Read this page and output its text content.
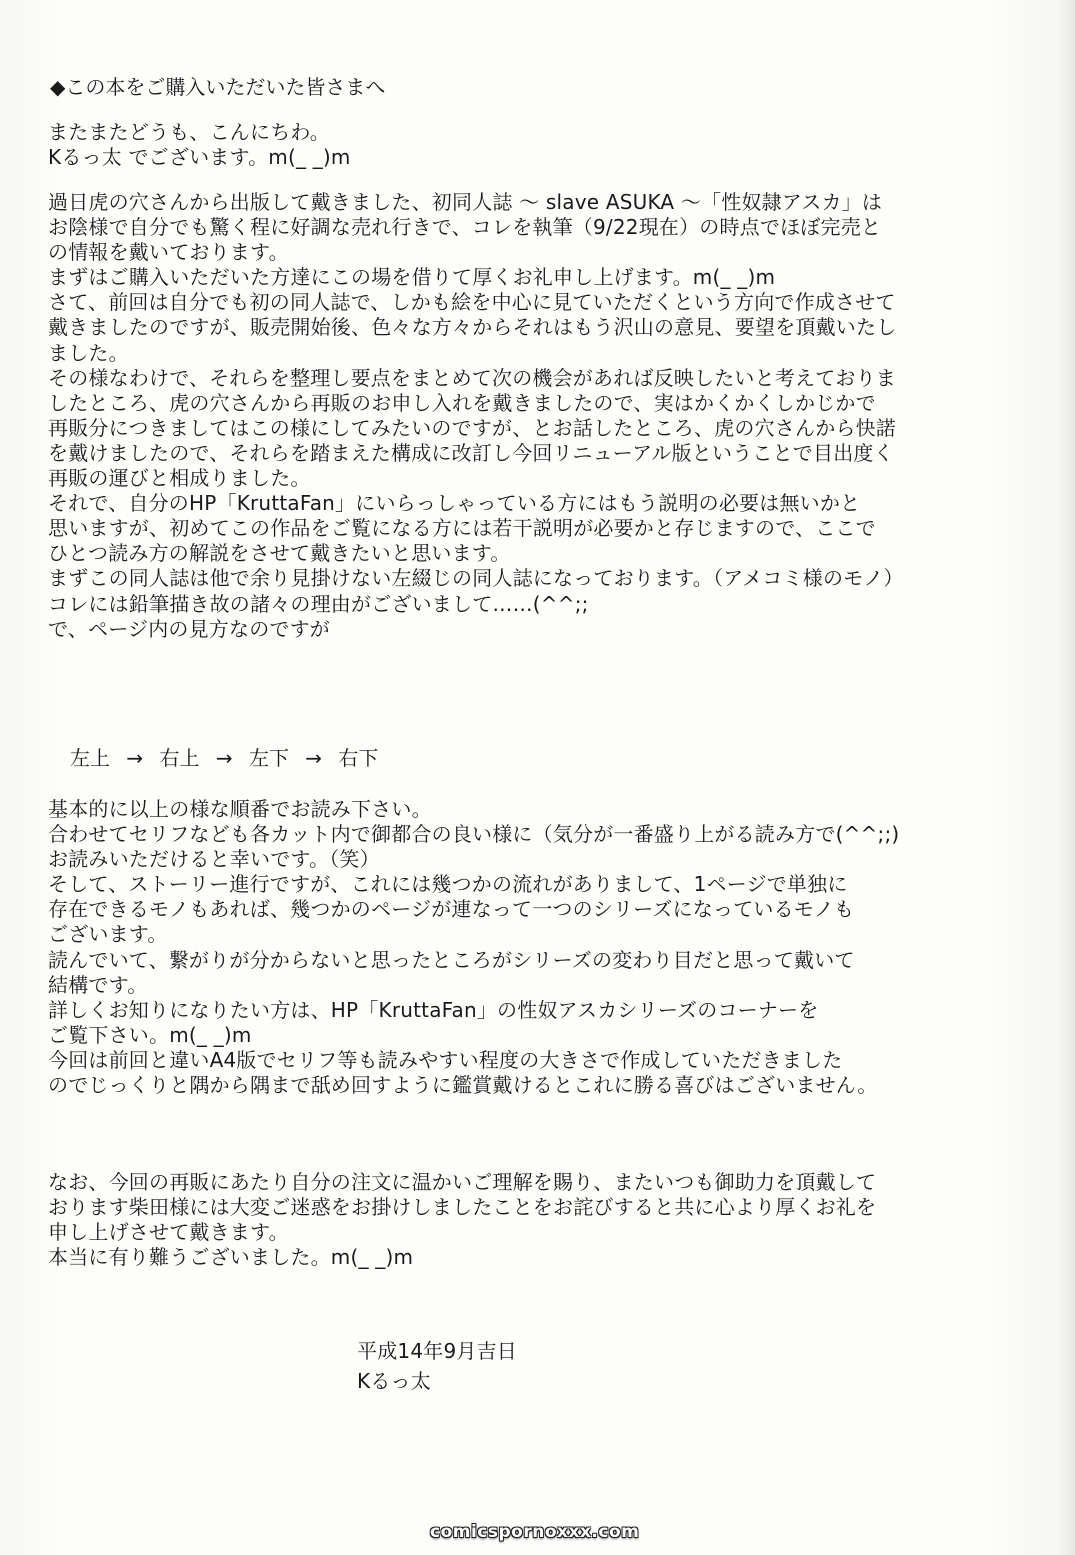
◆この本をご購入いただいた皆さまへ
またまたどうも、こんにちわ。
Kるっ太 でございます。m(_ _)m
過日虎の穴さんから出版して戴きました、初同人誌 ～ slave ASUKA ～「性奴隷アスカ」は
お陰様で自分でも驚く程に好調な売れ行きで、コレを執筆（9/22現在）の時点でほぼ完売と
の情報を戴いております。
まずはご購入いただいた方達にこの場を借りて厚くお礼申し上げます。m(_ _)m
さて、前回は自分でも初の同人誌で、しかも絵を中心に見ていただくという方向で作成させて
戴きましたのですが、販売開始後、色々な方々からそれはもう沢山の意見、要望を頂戴いたし
ました。
その様なわけで、それらを整理し要点をまとめて次の機会があれば反映したいと考えておりま
したところ、虎の穴さんから再販のお申し入れを戴きましたので、実はかくかくしかじかで
再販分につきましてはこの様にしてみたいのですが、とお話したところ、虎の穴さんから快諾
を戴けましたので、それらを踏まえた構成に改訂し今回リニューアル版ということで目出度く
再販の運びと相成りました。
それで、自分のHP「KruttaFan」にいらっしゃっている方にはもう説明の必要は無いかと
思いますが、初めてこの作品をご覧になる方には若干説明が必要かと存じますので、ここで
ひとつ読み方の解説をさせて戴きたいと思います。
まずこの同人誌は他で余り見掛けない左綴じの同人誌になっております。（アメコミ様のモノ）
コレには鉛筆描き故の諸々の理由がございまして……(^^;;
で、ページ内の見方なのですが
左上 → 右上 → 左下 → 右下
基本的に以上の様な順番でお読み下さい。
合わせてセリフなども各カット内で御都合の良い様に（気分が一番盛り上がる読み方で(^^;;)
お読みいただけると幸いです。（笑）
そして、ストーリー進行ですが、これには幾つかの流れがありまして、1ページで単独に
存在できるモノもあれば、幾つかのページが連なって一つのシリーズになっているモノも
ございます。
読んでいて、繋がりが分からないと思ったところがシリーズの変わり目だと思って戴いて
結構です。
詳しくお知りになりたい方は、HP「KruttaFan」の性奴アスカシリーズのコーナーを
ご覧下さい。m(_ _)m
今回は前回と違いA4版でセリフ等も読みやすい程度の大きさで作成していただきました
のでじっくりと隅から隅まで舐め回すように鑑賞戴けるとこれに勝る喜びはございません。
なお、今回の再販にあたり自分の注文に温かいご理解を賜り、またいつも御助力を頂戴して
おります柴田様には大変ご迷惑をお掛けしましたことをお詫びすると共に心より厚くお礼を
申し上げさせて戴きます。
本当に有り難うございました。m(_ _)m
平成14年9月吉日
Kるっ太
comicspornoxxx.com
